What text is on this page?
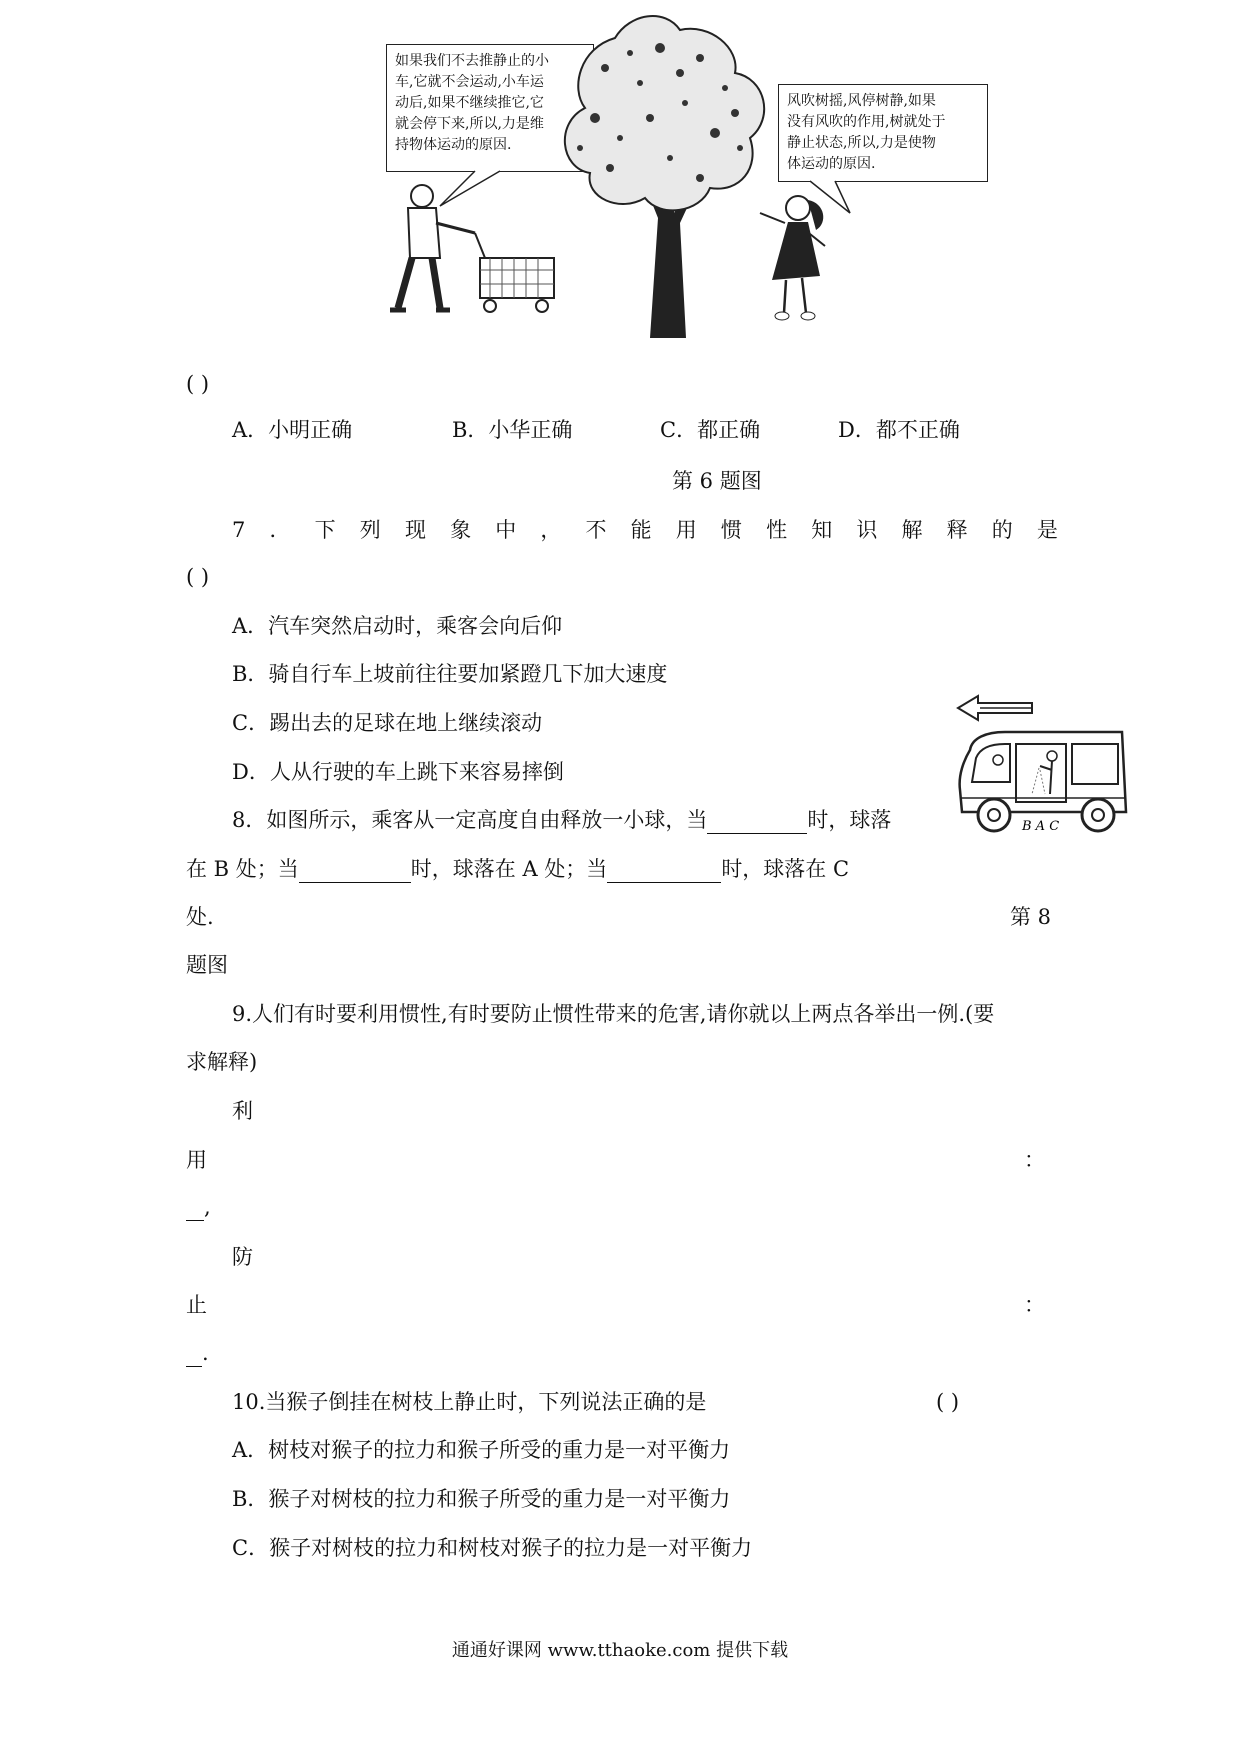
如果我们不去推静止的小
车,它就不会运动,小车运
动后,如果不继续推它,它
就会停下来,所以,力是维
持物体运动的原因.
风吹树摇,风停树静,如果
没有风吹的作用,树就处于
静止状态,所以,力是使物
体运动的原因.
( )
A．小明正确	B．小华正确	C．都正确	D．都不正确
第 6 题图
7 ． 下 列 现 象 中 ， 不 能 用 惯 性 知 识 解 释 的 是
( )
A．汽车突然启动时，乘客会向后仰
B．骑自行车上坡前往往要加紧蹬几下加大速度
C．踢出去的足球在地上继续滚动
D．人从行驶的车上跳下来容易摔倒
B A C
8．如图所示，乘客从一定高度自由释放一小球，当	时，球落
在 B 处；当	时，球落在 A 处；当	时，球落在 C
处.	第 8
题图
9.人们有时要利用惯性,有时要防止惯性带来的危害,请你就以上两点各举出一例.(要
求解释)
利
用	：
,
防
止	：
.
10.当猴子倒挂在树枝上静止时，下列说法正确的是	( )
A．树枝对猴子的拉力和猴子所受的重力是一对平衡力
B．猴子对树枝的拉力和猴子所受的重力是一对平衡力
C．猴子对树枝的拉力和树枝对猴子的拉力是一对平衡力
通通好课网 www.tthaoke.com 提供下载
